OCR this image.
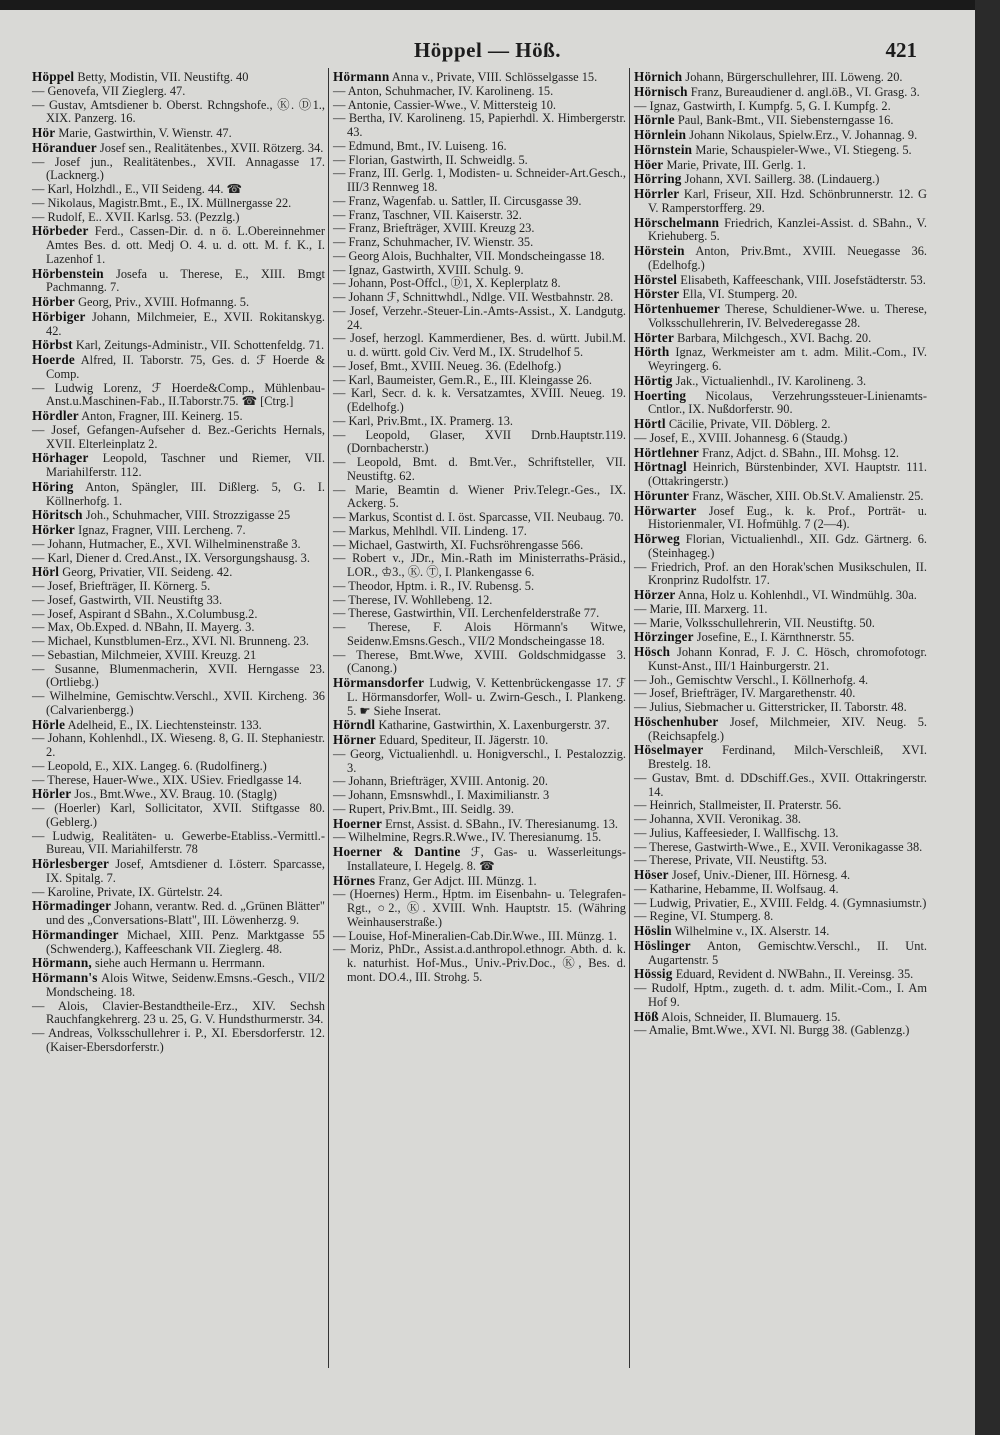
Höppel — Höß.	421
Höppel Betty, Modistin, VII. Neustiftg. 40
— Genovefa, VII Zieglerg. 47.
— Gustav, Amtsdiener b. Oberst. Rchngshofe., Ⓚ. Ⓓ1., XIX. Panzerg. 16.
Hör Marie, Gastwirthin, V. Wienstr. 47.
Höranduer Josef sen., Realitätenbes., XVII. Rötzerg. 34.
— Josef jun., Realitätenbes., XVII. Annagasse 17. (Lacknerg.)
— Karl, Holzhdl., E., VII Seideng. 44. ☎
— Nikolaus, Magistr.Bmt., E., IX. Müllnergasse 22.
— Rudolf, E.. XVII. Karlsg. 53. (Pezzlg.)
Hörbeder Ferd., Cassen-Dir. d. n ö. L.Obereinnehmer Amtes Bes. d. ott. Medj O. 4. u. d. ott. M. f. K., I. Lazenhof 1.
Hörbenstein Josefa u. Therese, E., XIII. Bmgt Pachmanng. 7.
Hörber Georg, Priv., XVIII. Hofmanng. 5.
Hörbiger Johann, Milchmeier, E., XVII. Rokitanskyg. 42.
Hörbst Karl, Zeitungs-Administr., VII. Schottenfeldg. 71.
Hoerde Alfred, II. Taborstr. 75, Ges. d. ℱ Hoerde & Comp.
— Ludwig Lorenz, ℱ Hoerde&Comp., Mühlenbau-Anst.u.Maschinen-Fab., II.Taborstr.75. ☎ [Ctrg.]
Hördler Anton, Fragner, III. Keinerg. 15.
— Josef, Gefangen-Aufseher d. Bez.-Gerichts Hernals, XVII. Elterleinplatz 2.
Hörhager Leopold, Taschner und Riemer, VII. Mariahilferstr. 112.
Höring Anton, Spängler, III. Dißlerg. 5, G. I. Köllnerhofg. 1.
Höritsch Joh., Schuhmacher, VIII. Strozzigasse 25
Hörker Ignaz, Fragner, VIII. Lercheng. 7.
— Johann, Hutmacher, E., XVI. Wilhelminenstraße 3.
— Karl, Diener d. Cred.Anst., IX. Versorgungshausg. 3.
Hörl Georg, Privatier, VII. Seideng. 42.
— Josef, Briefträger, II. Körnerg. 5.
— Josef, Gastwirth, VII. Neustiftg 33.
— Josef, Aspirant d SBahn., X.Columbusg.2.
— Max, Ob.Exped. d. NBahn, II. Mayerg. 3.
— Michael, Kunstblumen-Erz., XVI. Nl. Brunneng. 23.
— Sebastian, Milchmeier, XVIII. Kreuzg. 21
— Susanne, Blumenmacherin, XVII. Herngasse 23. (Ortliebg.)
— Wilhelmine, Gemischtw.Verschl., XVII. Kircheng. 36 (Calvarienbergg.)
Hörle Adelheid, E., IX. Liechtensteinstr. 133.
— Johann, Kohlenhdl., IX. Wieseng. 8, G. II. Stephaniestr. 2.
— Leopold, E., XIX. Langeg. 6. (Rudolfinerg.)
— Therese, Hauer-Wwe., XIX. USiev. Friedlgasse 14.
Hörler Jos., Bmt.Wwe., XV. Braug. 10. (Staglg)
— (Hoerler) Karl, Sollicitator, XVII. Stiftgasse 80. (Geblerg.)
— Ludwig, Realitäten- u. Gewerbe-Etabliss.-Vermittl.-Bureau, VII. Mariahilferstr. 78
Hörlesberger Josef, Amtsdiener d. I.österr. Sparcasse, IX. Spitalg. 7.
— Karoline, Private, IX. Gürtelstr. 24.
Hörmadinger Johann, verantw. Red. d. „Grünen Blätter" und des „Conversations-Blatt", III. Löwenherzg. 9.
Hörmandinger Michael, XIII. Penz. Marktgasse 55 (Schwenderg.), Kaffeeschank VII. Zieglerg. 48.
Hörmann, siehe auch Hermann u. Herrmann.
Hörmann's Alois Witwe, Seidenw.Emsns.-Gesch., VII/2 Mondscheing. 18.
— Alois, Clavier-Bestandtheile-Erz., XIV. Sechsh Rauchfangkehrerg. 23 u. 25, G. V. Hundsthurmerstr. 34.
— Andreas, Volksschullehrer i. P., XI. Ebersdorferstr. 12. (Kaiser-Ebersdorferstr.)
Hörmann Anna v., Private, VIII. Schlösselgasse 15.
— Anton, Schuhmacher, IV. Karolineng. 15.
— Antonie, Cassier-Wwe., V. Mittersteig 10.
— Bertha, IV. Karolineng. 15, Papierhdl. X. Himbergerstr. 43.
— Edmund, Bmt., IV. Luiseng. 16.
— Florian, Gastwirth, II. Schweidlg. 5.
— Franz, III. Gerlg. 1, Modisten- u. Schneider-Art.Gesch., III/3 Rennweg 18.
— Franz, Wagenfab. u. Sattler, II. Circusgasse 39.
— Franz, Taschner, VII. Kaiserstr. 32.
— Franz, Briefträger, XVIII. Kreuzg 23.
— Franz, Schuhmacher, IV. Wienstr. 35.
— Georg Alois, Buchhalter, VII. Mondscheingasse 18.
— Ignaz, Gastwirth, XVIII. Schulg. 9.
— Johann, Post-Offcl., Ⓓ1, X. Keplerplatz 8.
— Johann ℱ, Schnittwhdl., Ndlge. VII. Westbahnstr. 28.
— Josef, Verzehr.-Steuer-Lin.-Amts-Assist., X. Landgutg. 24.
— Josef, herzogl. Kammerdiener, Bes. d. württ. Jubil.M. u. d. württ. gold Civ. Verd M., IX. Strudelhof 5.
— Josef, Bmt., XVIII. Neueg. 36. (Edelhofg.)
— Karl, Baumeister, Gem.R., E., III. Kleingasse 26.
— Karl, Secr. d. k. k. Versatzamtes, XVIII. Neueg. 19. (Edelhofg.)
— Karl, Priv.Bmt., IX. Pramerg. 13.
— Leopold, Glaser, XVII Drnb.Hauptstr.119. (Dornbacherstr.)
— Leopold, Bmt. d. Bmt.Ver., Schriftsteller, VII. Neustiftg. 62.
— Marie, Beamtin d. Wiener Priv.Telegr.-Ges., IX. Ackerg. 5.
— Markus, Scontist d. I. öst. Sparcasse, VII. Neubaug. 70.
— Markus, Mehlhdl. VII. Lindeng. 17.
— Michael, Gastwirth, XI. Fuchsröhrengasse 566.
— Robert v., JDr., Min.-Rath im Ministerraths-Präsid., LOR., ♔3., Ⓚ. Ⓣ, I. Plankengasse 6.
— Theodor, Hptm. i. R., IV. Rubensg. 5.
— Therese, IV. Wohllebeng. 12.
— Therese, Gastwirthin, VII. Lerchenfelderstraße 77.
— Therese, F. Alois Hörmann's Witwe, Seidenw.Emsns.Gesch., VII/2 Mondscheingasse 18.
— Therese, Bmt.Wwe, XVIII. Goldschmidgasse 3. (Canong.)
Hörmansdorfer Ludwig, V. Kettenbrückengasse 17. ℱ L. Hörmansdorfer, Woll- u. Zwirn-Gesch., I. Plankeng. 5. ☛ Siehe Inserat.
Hörndl Katharine, Gastwirthin, X. Laxenburgerstr. 37.
Hörner Eduard, Spediteur, II. Jägerstr. 10.
— Georg, Victualienhdl. u. Honigverschl., I. Pestalozzig. 3.
— Johann, Briefträger, XVIII. Antonig. 20.
— Johann, Emsnswhdl., I. Maximilianstr. 3
— Rupert, Priv.Bmt., III. Seidlg. 39.
Hoerner Ernst, Assist. d. SBahn., IV. Theresianumg. 13.
— Wilhelmine, Regrs.R.Wwe., IV. Theresianumg. 15.
Hoerner & Dantine ℱ, Gas- u. Wasserleitungs-Installateure, I. Hegelg. 8. ☎
Hörnes Franz, Ger Adjct. III. Münzg. 1.
— (Hoernes) Herm., Hptm. im Eisenbahn- u. Telegrafen-Rgt., ○2., Ⓚ. XVIII. Wnh. Hauptstr. 15. (Währing Weinhauserstraße.)
— Louise, Hof-Mineralien-Cab.Dir.Wwe., III. Münzg. 1.
— Moriz, PhDr., Assist.a.d.anthropol.ethnogr. Abth. d. k. k. naturhist. Hof-Mus., Univ.-Priv.Doc., Ⓚ, Bes. d. mont. DO.4., III. Strohg. 5.
Hörnich Johann, Bürgerschullehrer, III. Löweng. 20.
Hörnisch Franz, Bureaudiener d. angl.öB., VI. Grasg. 3.
— Ignaz, Gastwirth, I. Kumpfg. 5, G. I. Kumpfg. 2.
Hörnle Paul, Bank-Bmt., VII. Siebensterngasse 16.
Hörnlein Johann Nikolaus, Spielw.Erz., V. Johannag. 9.
Hörnstein Marie, Schauspieler-Wwe., VI. Stiegeng. 5.
Höer Marie, Private, III. Gerlg. 1.
Hörring Johann, XVI. Saillerg. 38. (Lindauerg.)
Hörrler Karl, Friseur, XII. Hzd. Schönbrunnerstr. 12. G V. Ramperstorfferg. 29.
Hörschelmann Friedrich, Kanzlei-Assist. d. SBahn., V. Kriehuberg. 5.
Hörstein Anton, Priv.Bmt., XVIII. Neuegasse 36. (Edelhofg.)
Hörstel Elisabeth, Kaffeeschank, VIII. Josefstädterstr. 53.
Hörster Ella, VI. Stumperg. 20.
Hörtenhuemer Therese, Schuldiener-Wwe. u. Therese, Volksschullehrerin, IV. Belvederegasse 28.
Hörter Barbara, Milchgesch., XVI. Bachg. 20.
Hörth Ignaz, Werkmeister am t. adm. Milit.-Com., IV. Weyringerg. 6.
Hörtig Jak., Victualienhdl., IV. Karolineng. 3.
Hoerting Nicolaus, Verzehrungssteuer-Linienamts-Cntlor., IX. Nußdorferstr. 90.
Hörtl Cäcilie, Private, VII. Döblerg. 2.
— Josef, E., XVIII. Johannesg. 6 (Staudg.)
Hörtlehner Franz, Adjct. d. SBahn., III. Mohsg. 12.
Hörtnagl Heinrich, Bürstenbinder, XVI. Hauptstr. 111. (Ottakringerstr.)
Hörunter Franz, Wäscher, XIII. Ob.St.V. Amalienstr. 25.
Hörwarter Josef Eug., k. k. Prof., Porträt- u. Historienmaler, VI. Hofmühlg. 7 (2—4).
Hörweg Florian, Victualienhdl., XII. Gdz. Gärtnerg. 6. (Steinhageg.)
— Friedrich, Prof. an den Horak'schen Musikschulen, II. Kronprinz Rudolfstr. 17.
Hörzer Anna, Holz u. Kohlenhdl., VI. Windmühlg. 30a.
— Marie, III. Marxerg. 11.
— Marie, Volksschullehrerin, VII. Neustiftg. 50.
Hörzinger Josefine, E., I. Kärnthnerstr. 55.
Hösch Johann Konrad, F. J. C. Hösch, chromofotogr. Kunst-Anst., III/1 Hainburgerstr. 21.
— Joh., Gemischtw Verschl., I. Köllnerhofg. 4.
— Josef, Briefträger, IV. Margarethenstr. 40.
— Julius, Siebmacher u. Gitterstricker, II. Taborstr. 48.
Höschenhuber Josef, Milchmeier, XIV. Neug. 5. (Reichsapfelg.)
Höselmayer Ferdinand, Milch-Verschleiß, XVI. Brestelg. 18.
— Gustav, Bmt. d. DDschiff.Ges., XVII. Ottakringerstr. 14.
— Heinrich, Stallmeister, II. Praterstr. 56.
— Johanna, XVII. Veronikag. 38.
— Julius, Kaffeesieder, I. Wallfischg. 13.
— Therese, Gastwirth-Wwe., E., XVII. Veronikagasse 38.
— Therese, Private, VII. Neustiftg. 53.
Höser Josef, Univ.-Diener, III. Hörnesg. 4.
— Katharine, Hebamme, II. Wolfsaug. 4.
— Ludwig, Privatier, E., XVIII. Feldg. 4. (Gymnasiumstr.)
— Regine, VI. Stumperg. 8.
Höslin Wilhelmine v., IX. Alserstr. 14.
Höslinger Anton, Gemischtw.Verschl., II. Unt. Augartenstr. 5
Hössig Eduard, Revident d. NWBahn., II. Vereinsg. 35.
— Rudolf, Hptm., zugeth. d. t. adm. Milit.-Com., I. Am Hof 9.
Höß Alois, Schneider, II. Blumauerg. 15.
— Amalie, Bmt.Wwe., XVI. Nl. Burgg 38. (Gablenzg.)
